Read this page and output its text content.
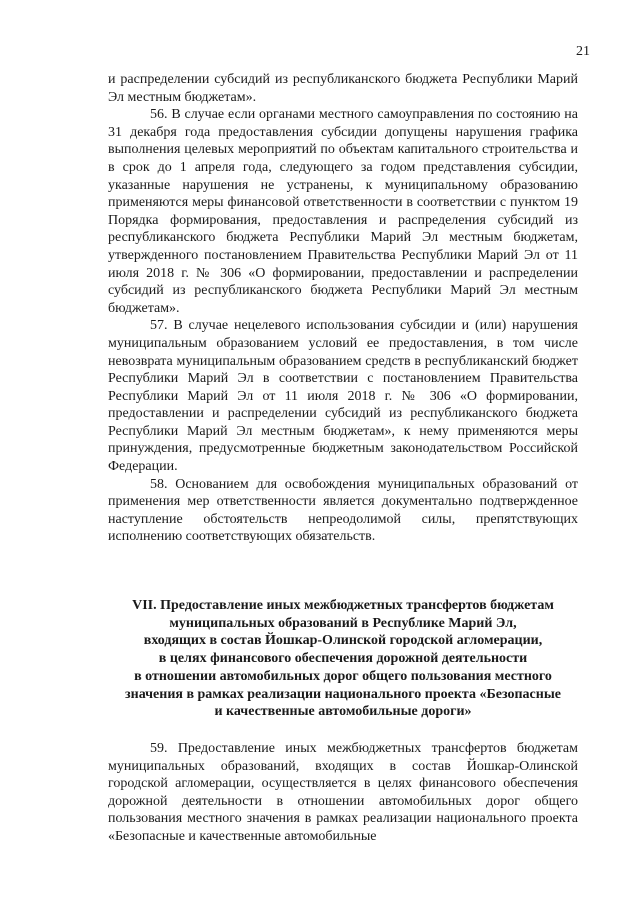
21

и распределении субсидий из республиканского бюджета Республики Марий Эл местным бюджетам».

56. В случае если органами местного самоуправления по состоянию на 31 декабря года предоставления субсидии допущены нарушения графика выполнения целевых мероприятий по объектам капитального строительства и в срок до 1 апреля года, следующего за годом представления субсидии, указанные нарушения не устранены, к муниципальному образованию применяются меры финансовой ответственности в соответствии с пунктом 19 Порядка формирования, предоставления и распределения субсидий из республиканского бюджета Республики Марий Эл местным бюджетам, утвержденного постановлением Правительства Республики Марий Эл от 11 июля 2018 г. № 306 «О формировании, предоставлении и распределении субсидий из республиканского бюджета Республики Марий Эл местным бюджетам».

57. В случае нецелевого использования субсидии и (или) нарушения муниципальным образованием условий ее предоставления, в том числе невозврата муниципальным образованием средств в республиканский бюджет Республики Марий Эл в соответствии с постановлением Правительства Республики Марий Эл от 11 июля 2018 г. № 306 «О формировании, предоставлении и распределении субсидий из республиканского бюджета Республики Марий Эл местным бюджетам», к нему применяются меры принуждения, предусмотренные бюджетным законодательством Российской Федерации.

58. Основанием для освобождения муниципальных образований от применения мер ответственности является документально подтвержденное наступление обстоятельств непреодолимой силы, препятствующих исполнению соответствующих обязательств.

VII. Предоставление иных межбюджетных трансфертов бюджетам
муниципальных образований в Республике Марий Эл,
входящих в состав Йошкар-Олинской городской агломерации,
в целях финансового обеспечения дорожной деятельности
в отношении автомобильных дорог общего пользования местного
значения в рамках реализации национального проекта «Безопасные
и качественные автомобильные дороги»

59. Предоставление иных межбюджетных трансфертов бюджетам муниципальных образований, входящих в состав Йошкар-Олинской городской агломерации, осуществляется в целях финансового обеспечения дорожной деятельности в отношении автомобильных дорог общего пользования местного значения в рамках реализации национального проекта «Безопасные и качественные автомобильные
